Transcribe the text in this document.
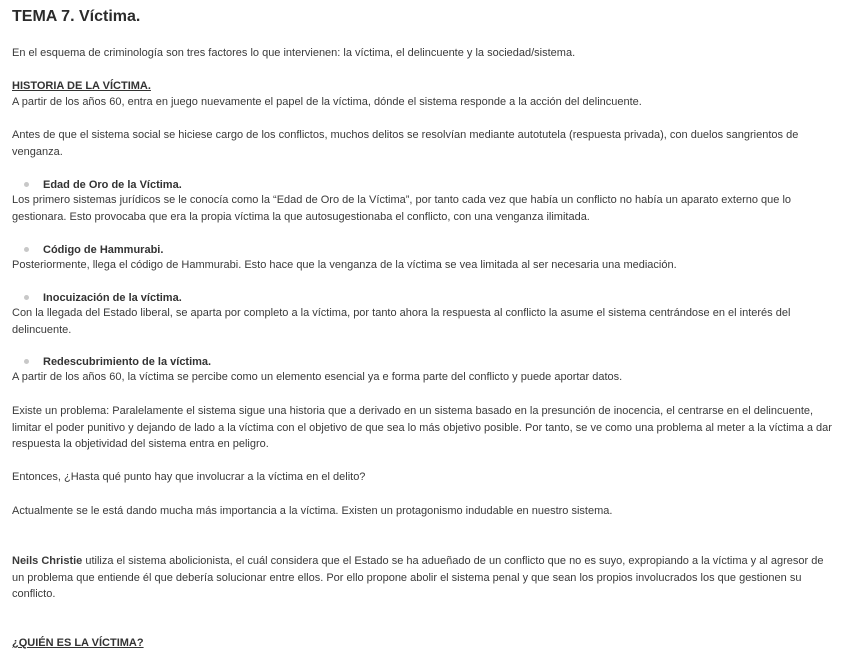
TEMA 7. Víctima.
En el esquema de criminología son tres factores lo que intervienen: la víctima, el delincuente y la sociedad/sistema.
HISTORIA DE LA VÍCTIMA.
A partir de los años 60, entra en juego nuevamente el papel de la víctima, dónde el sistema responde a la acción del delincuente.
Antes de que el sistema social se hiciese cargo de los conflictos, muchos delitos se resolvían mediante autotutela (respuesta privada), con duelos sangrientos de venganza.
Edad de Oro de la Víctima.
Los primero sistemas jurídicos se le conocía como la “Edad de Oro de la Víctima”, por tanto cada vez que había un conflicto no había un aparato externo que lo gestionara. Esto provocaba que era la propia víctima la que autosugestionaba el conflicto, con una venganza ilimitada.
Código de Hammurabi.
Posteriormente, llega el código de Hammurabi. Esto hace que la venganza de la víctima se vea limitada al ser necesaria una mediación.
Inocuización de la víctima.
Con la llegada del Estado liberal, se aparta por completo a la víctima, por tanto ahora la respuesta al conflicto la asume el sistema centrándose en el interés del delincuente.
Redescubrimiento de la víctima.
A partir de los años 60, la víctima se percibe como un elemento esencial ya e forma parte del conflicto y puede aportar datos.
Existe un problema: Paralelamente el sistema sigue una historia que a derivado en un sistema basado en la presunción de inocencia, el centrarse en el delincuente, limitar el poder punitivo y dejando de lado a la víctima con el objetivo de que sea lo más objetivo posible. Por tanto, se ve como una problema al meter a la víctima a dar respuesta la objetividad del sistema entra en peligro.
Entonces, ¿Hasta qué punto hay que involucrar a la víctima en el delito?
Actualmente se le está dando mucha más importancia a la víctima. Existen un protagonismo indudable en nuestro sistema.
Neils Christie utiliza el sistema abolicionista, el cuál considera que el Estado se ha adueñado de un conflicto que no es suyo, expropiando a la víctima y al agresor de un problema que entiende él que debería solucionar entre ellos. Por ello propone abolir el sistema penal y que sean los propios involucrados los que gestionen su conflicto.
¿QUIÉN ES LA VÍCTIMA?
